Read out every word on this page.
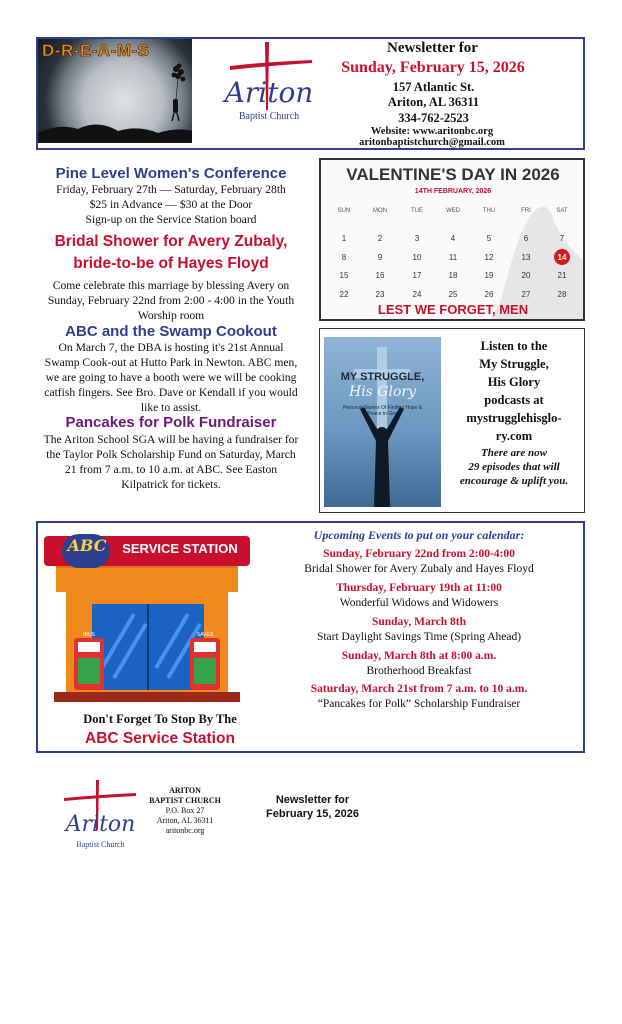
D-R-E-A-M-S
Ariton
Baptist Church
Newsletter for
Sunday, February 15, 2026
157 Atlantic St.
Ariton, AL 36311
334-762-2523
Website: www.aritonbc.org
aritonbaptistchurch@gmail.com
Pine Level Women's Conference
Friday, February 27th — Saturday, February 28th
$25 in Advance — $30 at the Door
Sign-up on the Service Station board
Bridal Shower for Avery Zubaly,
bride-to-be of Hayes Floyd
Come celebrate this marriage by blessing Avery on Sunday, February 22nd from 2:00 - 4:00 in the Youth Worship room
ABC and the Swamp Cookout
On March 7, the DBA is hosting it's 21st Annual Swamp Cook-out at Hutto Park in Newton. ABC men, we are going to have a booth were we will be cooking catfish fingers. See Bro. Dave or Kendall if you would like to assist.
Pancakes for Polk Fundraiser
The Ariton School SGA will be having a fundraiser for the Taylor Polk Scholarship Fund on Saturday, March 21 from 7 a.m. to 10 a.m. at ABC. See Easton Kilpatrick for tickets.
VALENTINE'S DAY IN 2026
14TH FEBRUARY, 2026
SUN	MON	TUE	WED	THU	FRI	SAT
1	2	3	4	5	6	7
8	9	10	11	12	13	14
15	16	17	18	19	20	21
22	23	24	25	26	27	28
LEST WE FORGET, MEN
MY STRUGGLE,
His Glory
Personal Stories Of Finding Hope & Peace In God
Listen to the
My Struggle,
His Glory
podcasts at
mystrugglehisglo-
ry.com
There are now
29 episodes that will
encourage & uplift you.
ABC	SERVICE STATION
IBUS	SAVES
Don't Forget To Stop By The
ABC Service Station
Upcoming Events to put on your calendar:
Sunday, February 22nd from 2:00-4:00
Bridal Shower for Avery Zubaly and Hayes Floyd
Thursday, February 19th at 11:00
Wonderful Widows and Widowers
Sunday, March 8th
Start Daylight Savings Time (Spring Ahead)
Sunday, March 8th at 8:00 a.m.
Brotherhood Breakfast
Saturday, March 21st from 7 a.m. to 10 a.m.
“Pancakes for Polk” Scholarship Fundraiser
Ariton
Baptist Church
ARITON
BAPTIST CHURCH
P.O. Box 27
Ariton, AL 36311
aritonbc.org
Newsletter for
February 15, 2026
